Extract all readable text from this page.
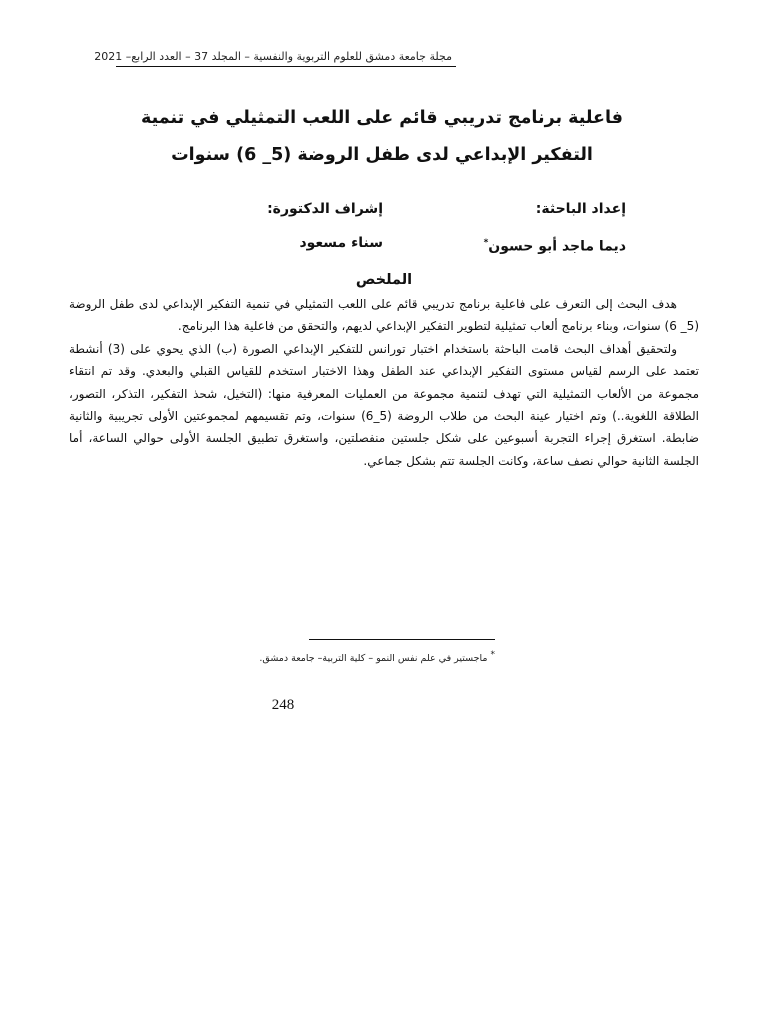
مجلة جامعة دمشق للعلوم التربوية والنفسية – المجلد 37 – العدد الرابع– 2021
فاعلية برنامج تدريبي قائم على اللعب التمثيلي في تنمية
التفكير الإبداعي لدى طفل الروضة (5_ 6) سنوات
إعداد الباحثة:
ديما ماجد أبو حسون*
إشراف الدكتورة:
سناء مسعود
الملخص

هدف البحث إلى التعرف على فاعلية برنامج تدريبي قائم على اللعب التمثيلي في تنمية التفكير الإبداعي لدى طفل الروضة (5_ 6) سنوات، وبناء برنامج ألعاب تمثيلية لتطوير التفكير الإبداعي لديهم، والتحقق من فاعلية هذا البرنامج.

ولتحقيق أهداف البحث قامت الباحثة باستخدام اختبار تورانس للتفكير الإبداعي الصورة (ب) الذي يحوي على (3) أنشطة تعتمد على الرسم لقياس مستوى التفكير الإبداعي عند الطفل وهذا الاختبار استخدم للقياس القبلي والبعدي. وقد تم انتقاء مجموعة من الألعاب التمثيلية التي تهدف لتنمية مجموعة من العمليات المعرفية منها: (التخيل، شحذ التفكير، التذكر، التصور، الطلاقة اللغوية..) وتم اختيار عينة البحث من طلاب الروضة (5_6) سنوات، وتم تقسيمهم لمجموعتين الأولى تجريبية والثانية ضابطة. استغرق إجراء التجربة أسبوعين على شكل جلستين منفصلتين، واستغرق تطبيق الجلسة الأولى حوالي الساعة، أما الجلسة الثانية حوالي نصف ساعة، وكانت الجلسة تتم بشكل جماعي.

* ماجستير في علم نفس النمو – كلية التربية– جامعة دمشق.
248
